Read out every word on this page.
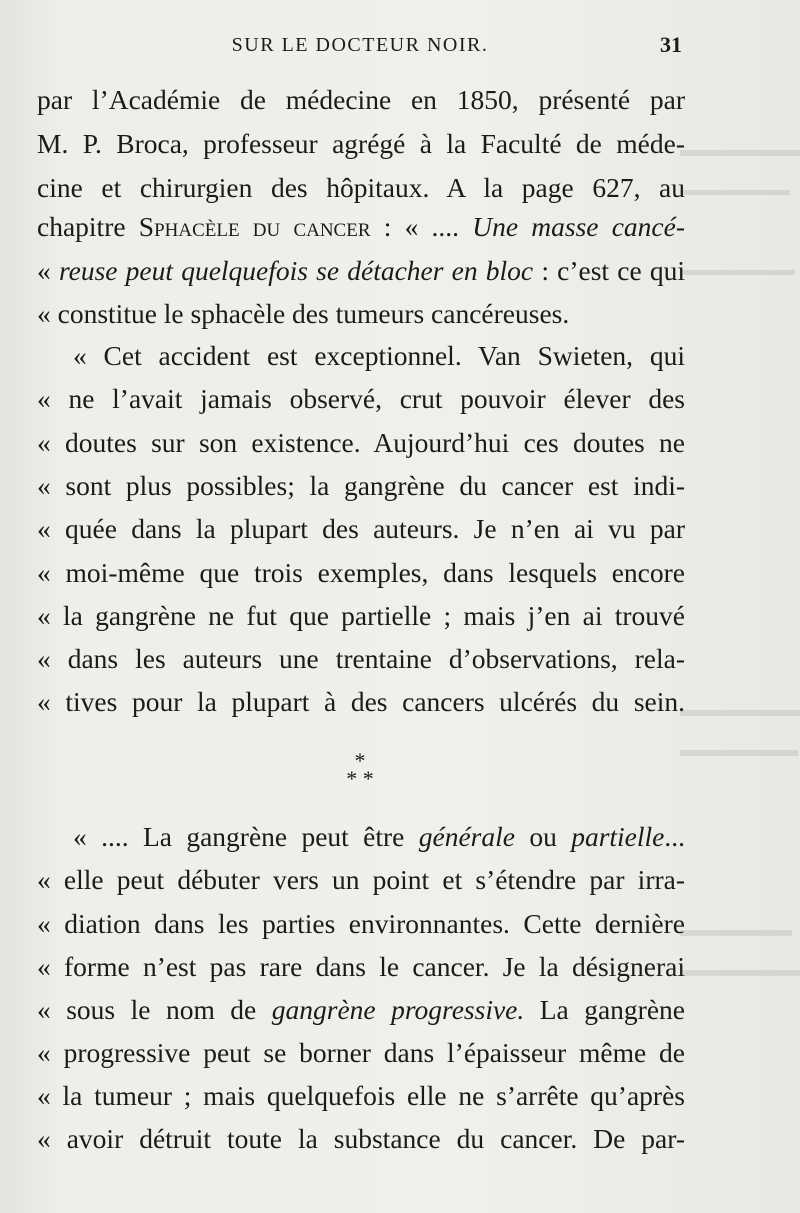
SUR LE DOCTEUR NOIR.	31
par l’Académie de médecine en 1850, présenté par
M. P. Broca, professeur agrégé à la Faculté de méde-
cine et chirurgien des hôpitaux. A la page 627, au
chapitre Sphacèle du cancer : « .... Une masse cancé-
« reuse peut quelquefois se détacher en bloc : c’est ce qui
« constitue le sphacèle des tumeurs cancéreuses.
« Cet accident est exceptionnel. Van Swieten, qui
« ne l’avait jamais observé, crut pouvoir élever des
« doutes sur son existence. Aujourd’hui ces doutes ne
« sont plus possibles; la gangrène du cancer est indi-
« quée dans la plupart des auteurs. Je n’en ai vu par
« moi-même que trois exemples, dans lesquels encore
« la gangrène ne fut que partielle ; mais j’en ai trouvé
« dans les auteurs une trentaine d’observations, rela-
« tives pour la plupart à des cancers ulcérés du sein.
*
* *
« .... La gangrène peut être générale ou partielle...
« elle peut débuter vers un point et s’étendre par irra-
« diation dans les parties environnantes. Cette dernière
« forme n’est pas rare dans le cancer. Je la désignerai
« sous le nom de gangrène progressive. La gangrène
« progressive peut se borner dans l’épaisseur même de
« la tumeur ; mais quelquefois elle ne s’arrête qu’après
« avoir détruit toute la substance du cancer. De par-
